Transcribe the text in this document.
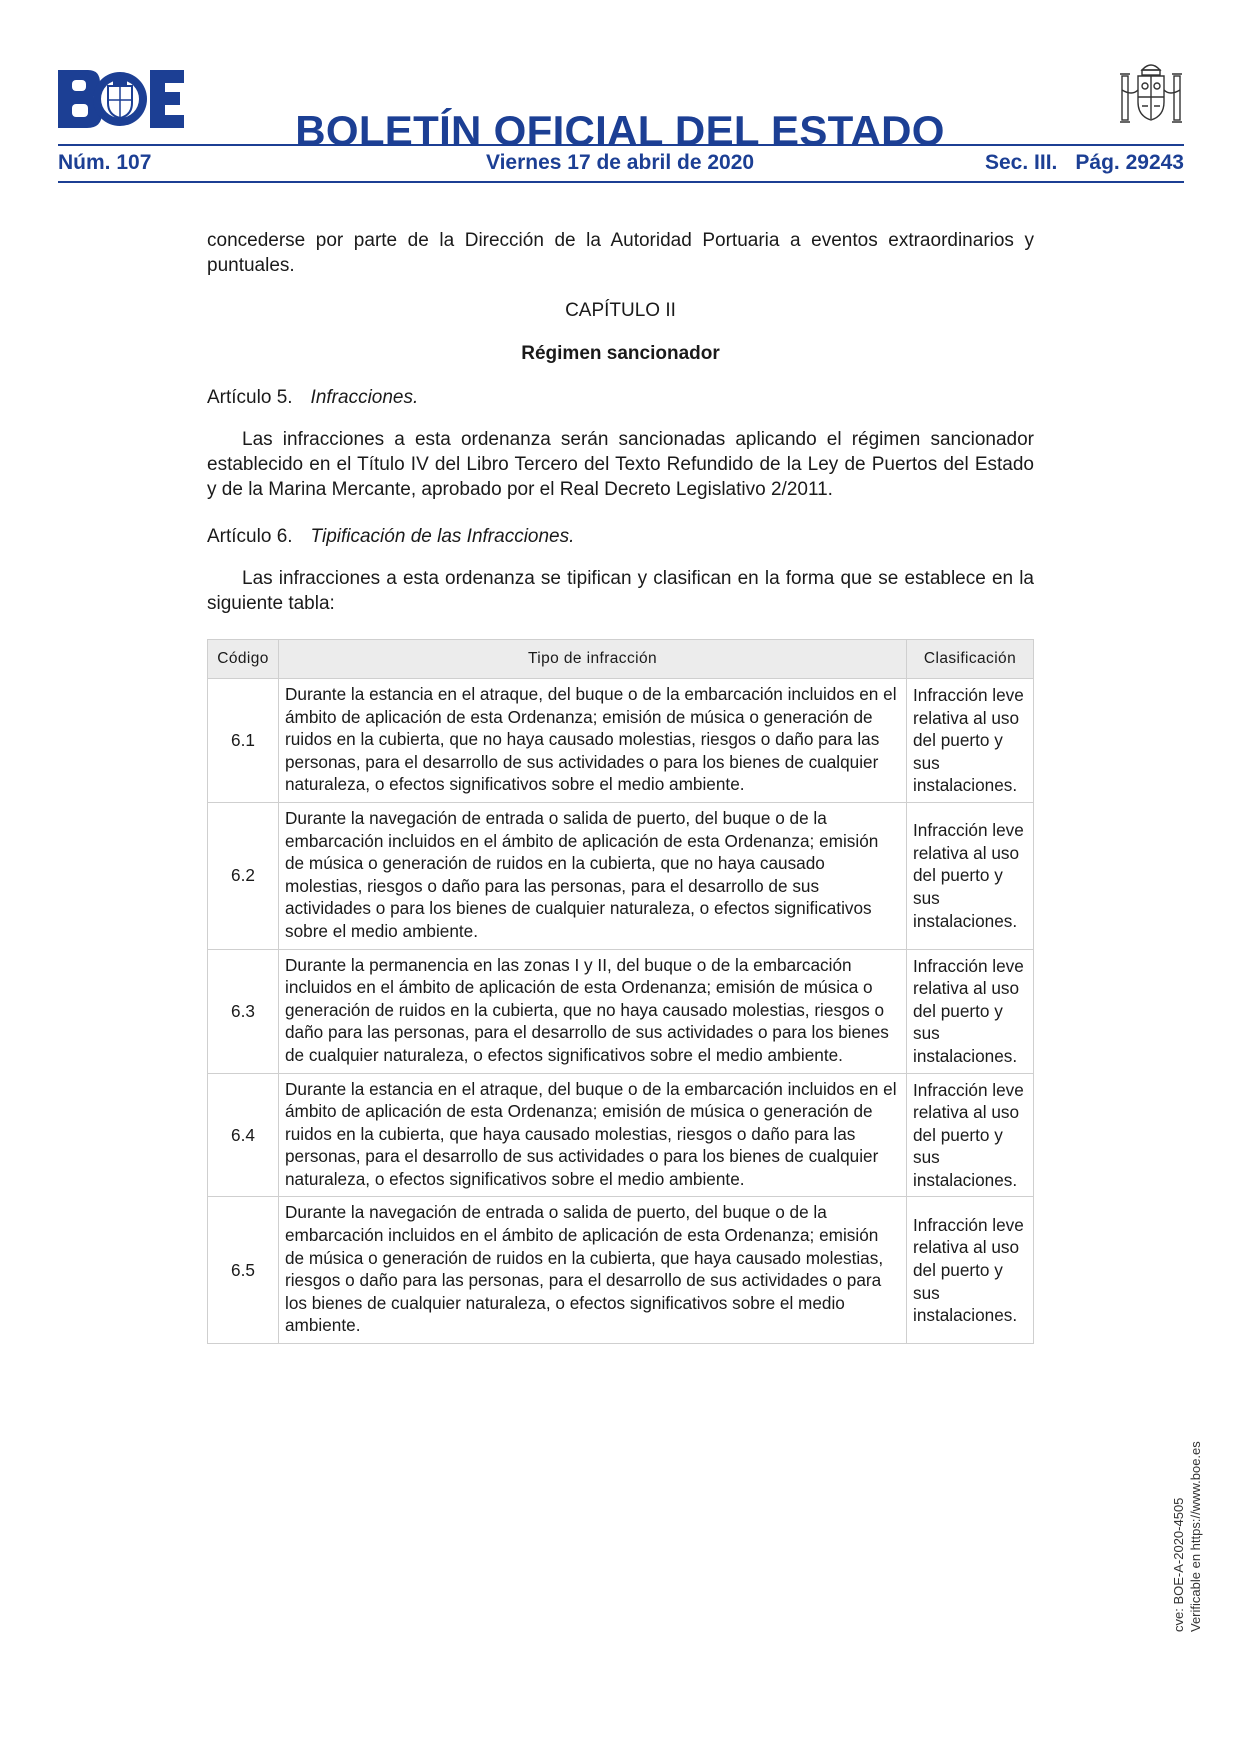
BOLETÍN OFICIAL DEL ESTADO
Núm. 107	Viernes 17 de abril de 2020	Sec. III. Pág. 29243

concederse por parte de la Dirección de la Autoridad Portuaria a eventos extraordinarios y puntuales.

CAPÍTULO II

Régimen sancionador

Artículo 5. Infracciones.

Las infracciones a esta ordenanza serán sancionadas aplicando el régimen sancionador establecido en el Título IV del Libro Tercero del Texto Refundido de la Ley de Puertos del Estado y de la Marina Mercante, aprobado por el Real Decreto Legislativo 2/2011.

Artículo 6. Tipificación de las Infracciones.

Las infracciones a esta ordenanza se tipifican y clasifican en la forma que se establece en la siguiente tabla:

Código	Tipo de infracción	Clasificación
6.1	Durante la estancia en el atraque, del buque o de la embarcación incluidos en el ámbito de aplicación de esta Ordenanza; emisión de música o generación de ruidos en la cubierta, que no haya causado molestias, riesgos o daño para las personas, para el desarrollo de sus actividades o para los bienes de cualquier naturaleza, o efectos significativos sobre el medio ambiente.	Infracción leve relativa al uso del puerto y sus instalaciones.
6.2	Durante la navegación de entrada o salida de puerto, del buque o de la embarcación incluidos en el ámbito de aplicación de esta Ordenanza; emisión de música o generación de ruidos en la cubierta, que no haya causado molestias, riesgos o daño para las personas, para el desarrollo de sus actividades o para los bienes de cualquier naturaleza, o efectos significativos sobre el medio ambiente.	Infracción leve relativa al uso del puerto y sus instalaciones.
6.3	Durante la permanencia en las zonas I y II, del buque o de la embarcación incluidos en el ámbito de aplicación de esta Ordenanza; emisión de música o generación de ruidos en la cubierta, que no haya causado molestias, riesgos o daño para las personas, para el desarrollo de sus actividades o para los bienes de cualquier naturaleza, o efectos significativos sobre el medio ambiente.	Infracción leve relativa al uso del puerto y sus instalaciones.
6.4	Durante la estancia en el atraque, del buque o de la embarcación incluidos en el ámbito de aplicación de esta Ordenanza; emisión de música o generación de ruidos en la cubierta, que haya causado molestias, riesgos o daño para las personas, para el desarrollo de sus actividades o para los bienes de cualquier naturaleza, o efectos significativos sobre el medio ambiente.	Infracción leve relativa al uso del puerto y sus instalaciones.
6.5	Durante la navegación de entrada o salida de puerto, del buque o de la embarcación incluidos en el ámbito de aplicación de esta Ordenanza; emisión de música o generación de ruidos en la cubierta, que haya causado molestias, riesgos o daño para las personas, para el desarrollo de sus actividades o para los bienes de cualquier naturaleza, o efectos significativos sobre el medio ambiente.	Infracción leve relativa al uso del puerto y sus instalaciones.
cve: BOE-A-2020-4505 Verificable en https://www.boe.es
